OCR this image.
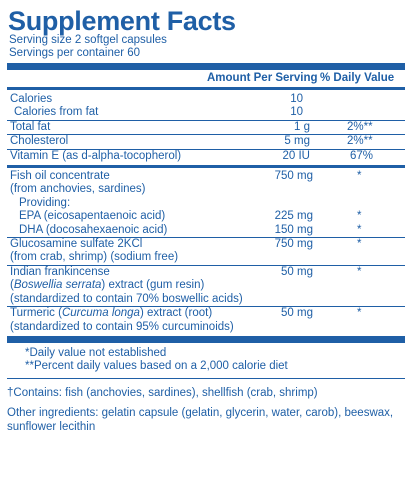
Supplement Facts
Serving size 2 softgel capsules
Servings per container 60
Amount Per Serving % Daily Value
Calories	10
Calories from fat	10
Total fat	1 g	2%**
Cholesterol	5 mg	2%**
Vitamin E (as d-alpha-tocopherol)	20 IU	67%
Fish oil concentrate
(from anchovies, sardines)
750 mg	*
Providing:
EPA (eicosapentaenoic acid)	225 mg	*
DHA (docosahexaenoic acid)	150 mg	*
Glucosamine sulfate 2KCl
(from crab, shrimp) (sodium free)
750 mg	*
Indian frankincense
(Boswellia serrata) extract (gum resin)
(standardized to contain 70% boswellic acids)
50 mg	*
Turmeric (Curcuma longa) extract (root)
(standardized to contain 95% curcuminoids)
50 mg	*
*Daily value not established
**Percent daily values based on a 2,000 calorie diet
†Contains: fish (anchovies, sardines), shellfish (crab, shrimp)
Other ingredients: gelatin capsule (gelatin, glycerin, water, carob), beeswax, sunflower lecithin
